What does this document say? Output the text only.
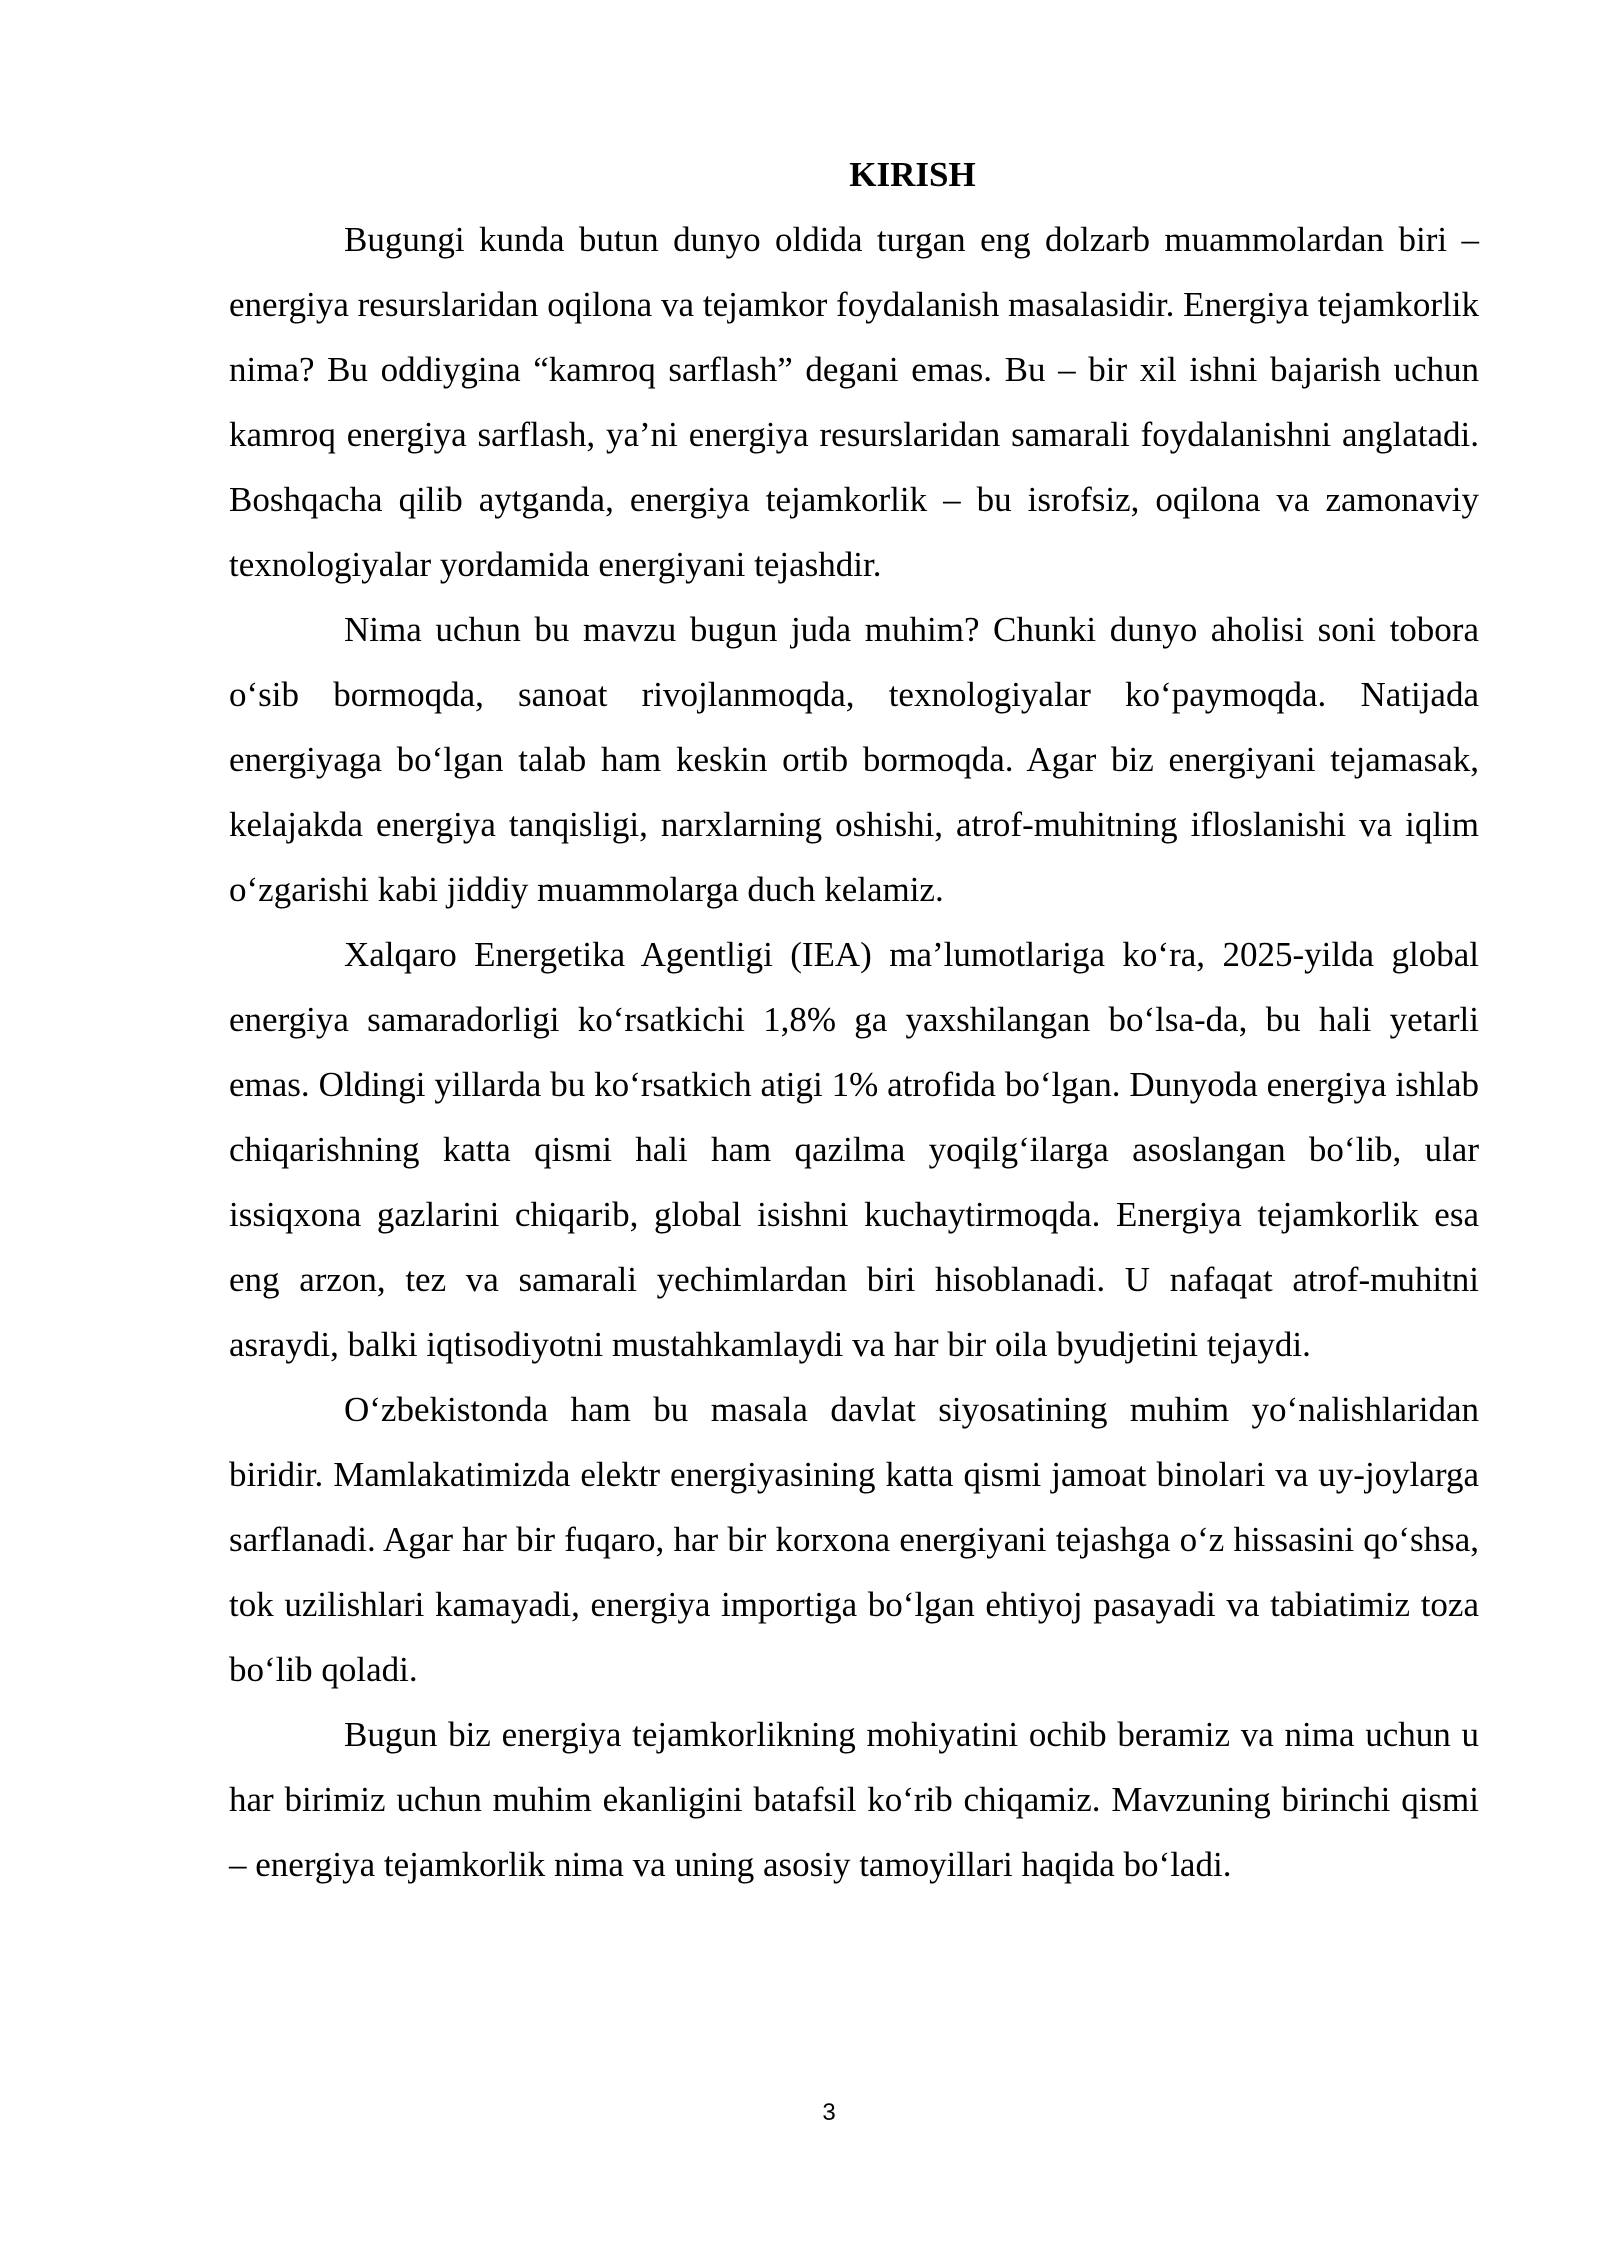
KIRISH

Bugungi kunda butun dunyo oldida turgan eng dolzarb muammolardan biri – energiya resurslaridan oqilona va tejamkor foydalanish masalasidir. Energiya tejamkorlik nima? Bu oddiygina “kamroq sarflash” degani emas. Bu – bir xil ishni bajarish uchun kamroq energiya sarflash, ya’ni energiya resurslaridan samarali foydalanishni anglatadi. Boshqacha qilib aytganda, energiya tejamkorlik – bu isrofsiz, oqilona va zamonaviy texnologiyalar yordamida energiyani tejashdir.

Nima uchun bu mavzu bugun juda muhim? Chunki dunyo aholisi soni tobora o‘sib bormoqda, sanoat rivojlanmoqda, texnologiyalar ko‘paymoqda. Natijada energiyaga bo‘lgan talab ham keskin ortib bormoqda. Agar biz energiyani tejamasak, kelajakda energiya tanqisligi, narxlarning oshishi, atrof-muhitning ifloslanishi va iqlim o‘zgarishi kabi jiddiy muammolarga duch kelamiz.

Xalqaro Energetika Agentligi (IEA) ma’lumotlariga ko‘ra, 2025-yilda global energiya samaradorligi ko‘rsatkichi 1,8% ga yaxshilangan bo‘lsa-da, bu hali yetarli emas. Oldingi yillarda bu ko‘rsatkich atigi 1% atrofida bo‘lgan. Dunyoda energiya ishlab chiqarishning katta qismi hali ham qazilma yoqilg‘ilarga asoslangan bo‘lib, ular issiqxona gazlarini chiqarib, global isishni kuchaytirmoqda. Energiya tejamkorlik esa eng arzon, tez va samarali yechimlardan biri hisoblanadi. U nafaqat atrof-muhitni asraydi, balki iqtisodiyotni mustahkamlaydi va har bir oila byudjetini tejaydi.

O‘zbekistonda ham bu masala davlat siyosatining muhim yo‘nalishlaridan biridir. Mamlakatimizda elektr energiyasining katta qismi jamoat binolari va uy-joylarga sarflanadi. Agar har bir fuqaro, har bir korxona energiyani tejashga o‘z hissasini qo‘shsa, tok uzilishlari kamayadi, energiya importiga bo‘lgan ehtiyoj pasayadi va tabiatimiz toza bo‘lib qoladi.

Bugun biz energiya tejamkorlikning mohiyatini ochib beramiz va nima uchun u har birimiz uchun muhim ekanligini batafsil ko‘rib chiqamiz. Mavzuning birinchi qismi – energiya tejamkorlik nima va uning asosiy tamoyillari haqida bo‘ladi.

3
